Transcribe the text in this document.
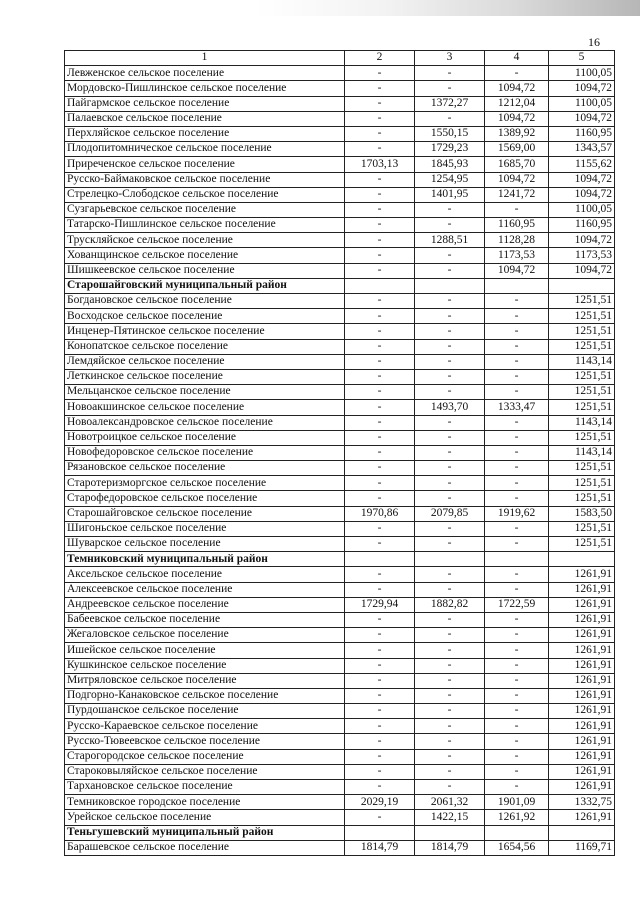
16
1	2	3	4	5
Левженское сельское поселение	-	-	-	1100,05
Мордовско-Пишлинское сельское поселение	-	-	1094,72	1094,72
Пайгармское сельское поселение	-	1372,27	1212,04	1100,05
Палаевское сельское поселение	-	-	1094,72	1094,72
Перхляйское сельское поселение	-	1550,15	1389,92	1160,95
Плодопитомническое сельское поселение	-	1729,23	1569,00	1343,57
Приреченское сельское поселение	1703,13	1845,93	1685,70	1155,62
Русско-Баймаковское сельское поселение	-	1254,95	1094,72	1094,72
Стрелецко-Слободское сельское поселение	-	1401,95	1241,72	1094,72
Сузгарьевское сельское поселение	-	-	-	1100,05
Татарско-Пишлинское сельское поселение	-	-	1160,95	1160,95
Трускляйское сельское поселение	-	1288,51	1128,28	1094,72
Хованщинское сельское поселение	-	-	1173,53	1173,53
Шишкеевское сельское поселение	-	-	1094,72	1094,72
Старошайговский муниципальный район				
Богдановское сельское поселение	-	-	-	1251,51
Восходское сельское поселение	-	-	-	1251,51
Инценер-Пятинское сельское поселение	-	-	-	1251,51
Конопатское сельское поселение	-	-	-	1251,51
Лемдяйское сельское поселение	-	-	-	1143,14
Леткинское сельское поселение	-	-	-	1251,51
Мельцанское сельское поселение	-	-	-	1251,51
Новоакшинское сельское поселение	-	1493,70	1333,47	1251,51
Новоалександровское сельское поселение	-	-	-	1143,14
Новотроицкое сельское поселение	-	-	-	1251,51
Новофедоровское сельское поселение	-	-	-	1143,14
Рязановское сельское поселение	-	-	-	1251,51
Старотеризморгское сельское поселение	-	-	-	1251,51
Старофедоровское сельское поселение	-	-	-	1251,51
Старошайговское сельское поселение	1970,86	2079,85	1919,62	1583,50
Шигоньское сельское поселение	-	-	-	1251,51
Шуварское сельское поселение	-	-	-	1251,51
Темниковский муниципальный район				
Аксельское сельское поселение	-	-	-	1261,91
Алексеевское сельское поселение	-	-	-	1261,91
Андреевское сельское поселение	1729,94	1882,82	1722,59	1261,91
Бабеевское сельское поселение	-	-	-	1261,91
Жегаловское сельское поселение	-	-	-	1261,91
Ишейское сельское поселение	-	-	-	1261,91
Кушкинское сельское поселение	-	-	-	1261,91
Митряловское сельское поселение	-	-	-	1261,91
Подгорно-Канаковское сельское поселение	-	-	-	1261,91
Пурдошанское сельское поселение	-	-	-	1261,91
Русско-Караевское сельское поселение	-	-	-	1261,91
Русско-Тювеевское сельское поселение	-	-	-	1261,91
Старогородское сельское поселение	-	-	-	1261,91
Староковыляйское сельское поселение	-	-	-	1261,91
Тархановское сельское поселение	-	-	-	1261,91
Темниковское городское поселение	2029,19	2061,32	1901,09	1332,75
Урейское сельское поселение	-	1422,15	1261,92	1261,91
Теньгушевский муниципальный район				
Барашевское сельское поселение	1814,79	1814,79	1654,56	1169,71
